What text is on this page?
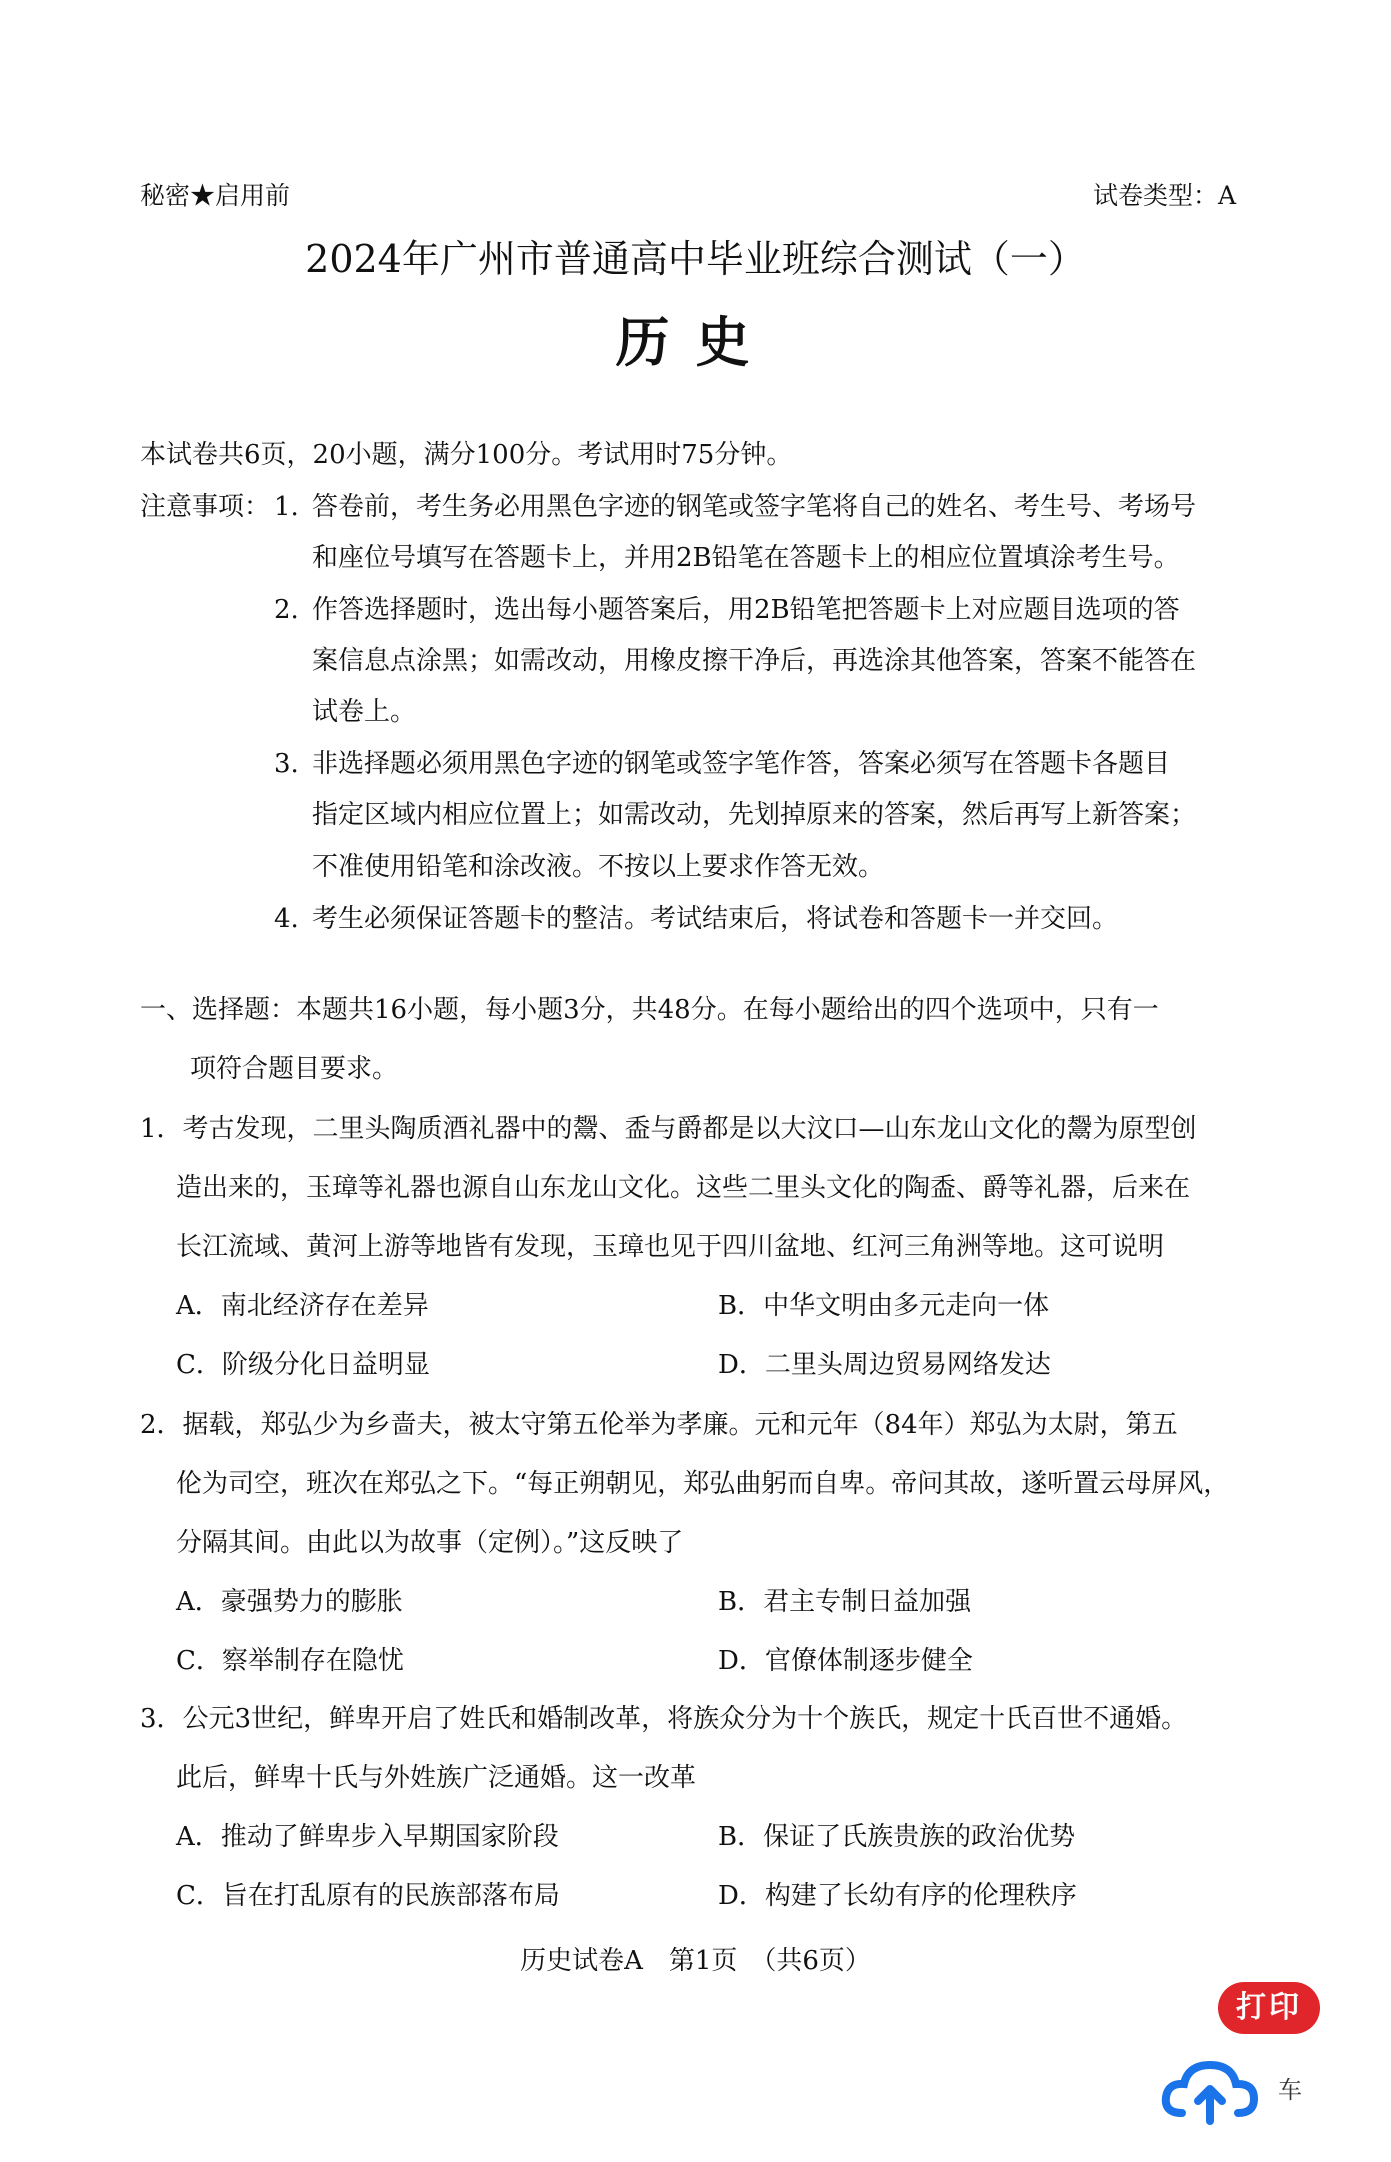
秘密★启用前	试卷类型：A
2024年广州市普通高中毕业班综合测试（一）
历史
本试卷共6页，20小题，满分100分。考试用时75分钟。
注意事项： 1. 答卷前，考生务必用黑色字迹的钢笔或签字笔将自己的姓名、考生号、考场号
和座位号填写在答题卡上，并用2B铅笔在答题卡上的相应位置填涂考生号。
2. 作答选择题时，选出每小题答案后，用2B铅笔把答题卡上对应题目选项的答
案信息点涂黑；如需改动，用橡皮擦干净后，再选涂其他答案，答案不能答在
试卷上。
3. 非选择题必须用黑色字迹的钢笔或签字笔作答，答案必须写在答题卡各题目
指定区域内相应位置上；如需改动，先划掉原来的答案，然后再写上新答案；
不准使用铅笔和涂改液。不按以上要求作答无效。
4. 考生必须保证答题卡的整洁。考试结束后，将试卷和答题卡一并交回。
一、选择题：本题共16小题，每小题3分，共48分。在每小题给出的四个选项中，只有一
项符合题目要求。
1．考古发现，二里头陶质酒礼器中的鬶、盉与爵都是以大汶口—山东龙山文化的鬶为原型创
造出来的，玉璋等礼器也源自山东龙山文化。这些二里头文化的陶盉、爵等礼器，后来在
长江流域、黄河上游等地皆有发现，玉璋也见于四川盆地、红河三角洲等地。这可说明
A．南北经济存在差异	B．中华文明由多元走向一体
C．阶级分化日益明显	D．二里头周边贸易网络发达
2．据载，郑弘少为乡啬夫，被太守第五伦举为孝廉。元和元年（84年）郑弘为太尉，第五
伦为司空，班次在郑弘之下。“每正朔朝见，郑弘曲躬而自卑。帝问其故，遂听置云母屏风，
分隔其间。由此以为故事（定例）。”这反映了
A．豪强势力的膨胀	B．君主专制日益加强
C．察举制存在隐忧	D．官僚体制逐步健全
3．公元3世纪，鲜卑开启了姓氏和婚制改革，将族众分为十个族氏，规定十氏百世不通婚。
此后，鲜卑十氏与外姓族广泛通婚。这一改革
A．推动了鲜卑步入早期国家阶段	B．保证了氏族贵族的政治优势
C．旨在打乱原有的民族部落布局	D．构建了长幼有序的伦理秩序
历史试卷A　第1页　（共6页）
打印
车
